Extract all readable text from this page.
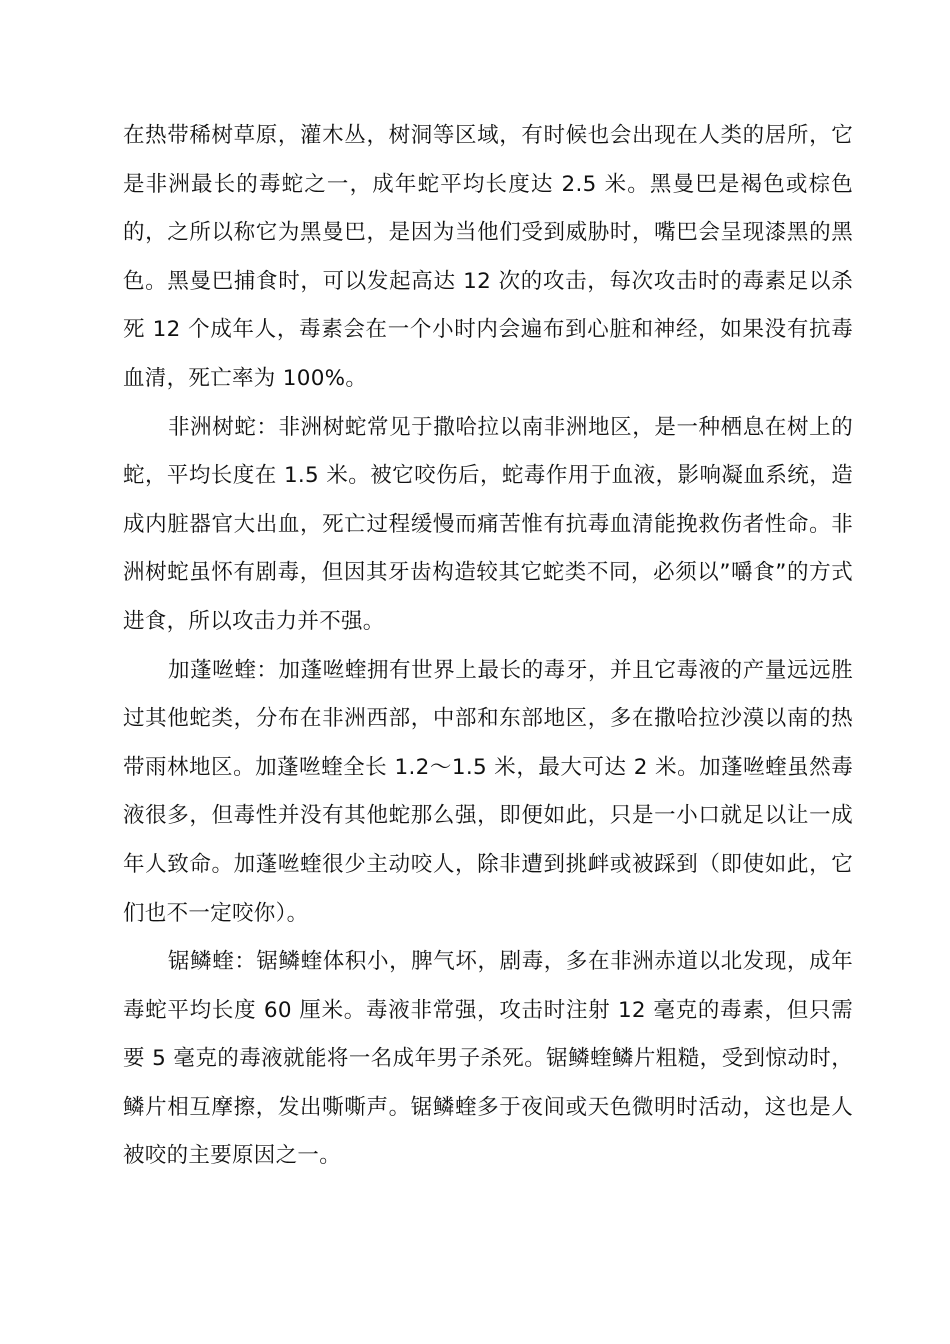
在热带稀树草原，灌木丛，树洞等区域，有时候也会出现在人类的居所，它是非洲最长的毒蛇之一，成年蛇平均长度达 2.5 米。黑曼巴是褐色或棕色的，之所以称它为黑曼巴，是因为当他们受到威胁时，嘴巴会呈现漆黑的黑色。黑曼巴捕食时，可以发起高达 12 次的攻击，每次攻击时的毒素足以杀死 12 个成年人，毒素会在一个小时内会遍布到心脏和神经，如果没有抗毒血清，死亡率为 100%。

非洲树蛇：非洲树蛇常见于撒哈拉以南非洲地区，是一种栖息在树上的蛇，平均长度在 1.5 米。被它咬伤后，蛇毒作用于血液，影响凝血系统，造成内脏器官大出血，死亡过程缓慢而痛苦惟有抗毒血清能挽救伤者性命。非洲树蛇虽怀有剧毒，但因其牙齿构造较其它蛇类不同，必须以”嚼食”的方式进食，所以攻击力并不强。

加蓬咝蝰：加蓬咝蝰拥有世界上最长的毒牙，并且它毒液的产量远远胜过其他蛇类，分布在非洲西部，中部和东部地区，多在撒哈拉沙漠以南的热带雨林地区。加蓬咝蝰全长 1.2～1.5 米，最大可达 2 米。加蓬咝蝰虽然毒液很多，但毒性并没有其他蛇那么强，即便如此，只是一小口就足以让一成年人致命。加蓬咝蝰很少主动咬人，除非遭到挑衅或被踩到（即使如此，它们也不一定咬你）。

锯鳞蝰：锯鳞蝰体积小，脾气坏，剧毒，多在非洲赤道以北发现，成年毒蛇平均长度 60 厘米。毒液非常强，攻击时注射 12 毫克的毒素，但只需要 5 毫克的毒液就能将一名成年男子杀死。锯鳞蝰鳞片粗糙，受到惊动时，鳞片相互摩擦，发出嘶嘶声。锯鳞蝰多于夜间或天色微明时活动，这也是人被咬的主要原因之一。
